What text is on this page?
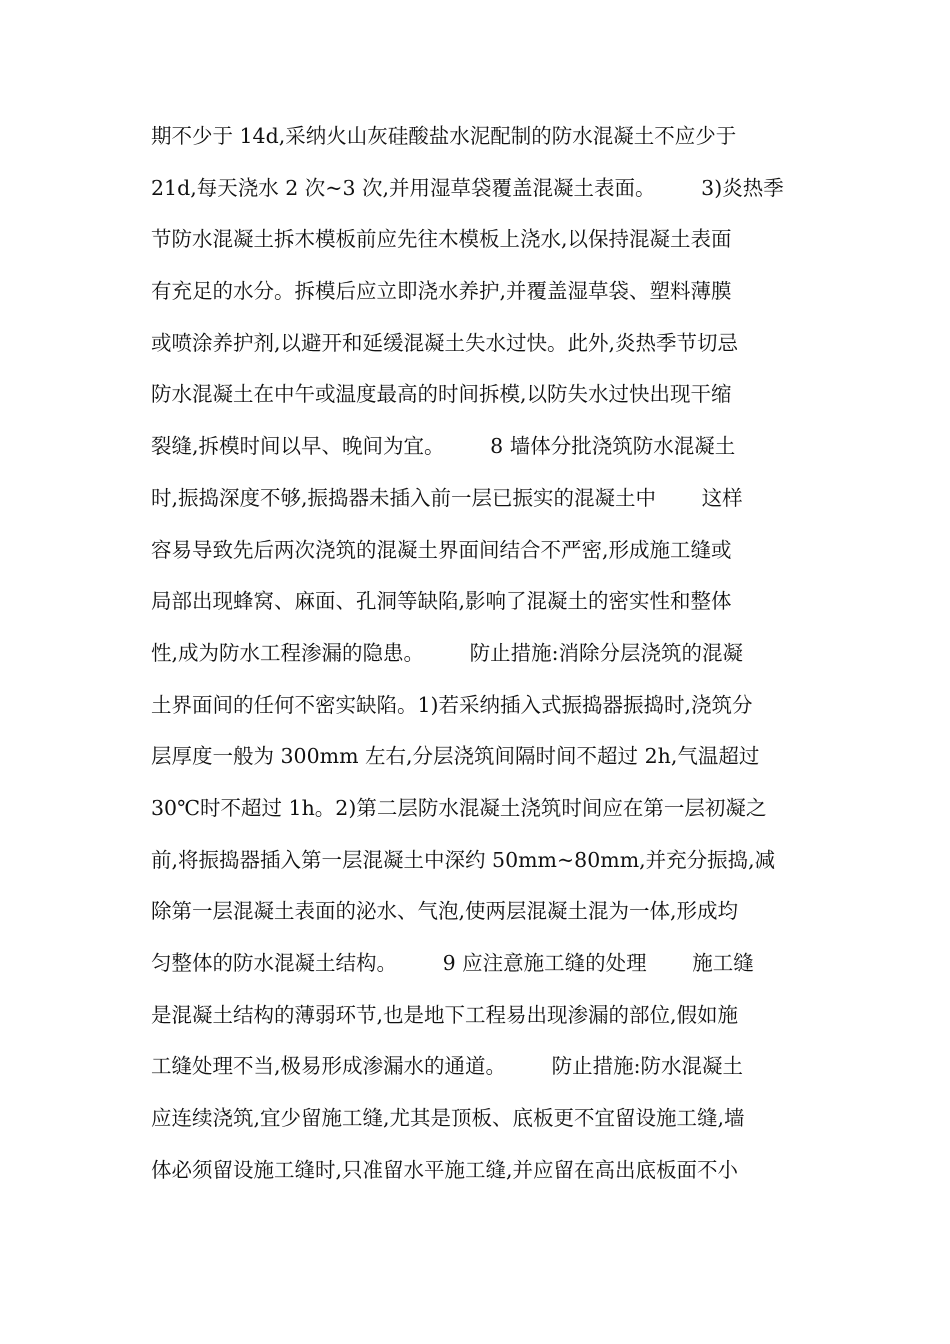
期不少于 14d,采纳火山灰硅酸盐水泥配制的防水混凝土不应少于
21d,每天浇水 2 次~3 次,并用湿草袋覆盖混凝土表面。       3)炎热季
节防水混凝土拆木模板前应先往木模板上浇水,以保持混凝土表面
有充足的水分。拆模后应立即浇水养护,并覆盖湿草袋、塑料薄膜
或喷涂养护剂,以避开和延缓混凝土失水过快。此外,炎热季节切忌
防水混凝土在中午或温度最高的时间拆模,以防失水过快出现干缩
裂缝,拆模时间以早、晚间为宜。       8 墙体分批浇筑防水混凝土
时,振捣深度不够,振捣器未插入前一层已振实的混凝土中       这样
容易导致先后两次浇筑的混凝土界面间结合不严密,形成施工缝或
局部出现蜂窝、麻面、孔洞等缺陷,影响了混凝土的密实性和整体
性,成为防水工程渗漏的隐患。       防止措施:消除分层浇筑的混凝
土界面间的任何不密实缺陷。1)若采纳插入式振捣器振捣时,浇筑分
层厚度一般为 300mm 左右,分层浇筑间隔时间不超过 2h,气温超过
30℃时不超过 1h。2)第二层防水混凝土浇筑时间应在第一层初凝之
前,将振捣器插入第一层混凝土中深约 50mm~80mm,并充分振捣,减
除第一层混凝土表面的泌水、气泡,使两层混凝土混为一体,形成均
匀整体的防水混凝土结构。       9 应注意施工缝的处理       施工缝
是混凝土结构的薄弱环节,也是地下工程易出现渗漏的部位,假如施
工缝处理不当,极易形成渗漏水的通道。       防止措施:防水混凝土
应连续浇筑,宜少留施工缝,尤其是顶板、底板更不宜留设施工缝,墙
体必须留设施工缝时,只准留水平施工缝,并应留在高出底板面不小
